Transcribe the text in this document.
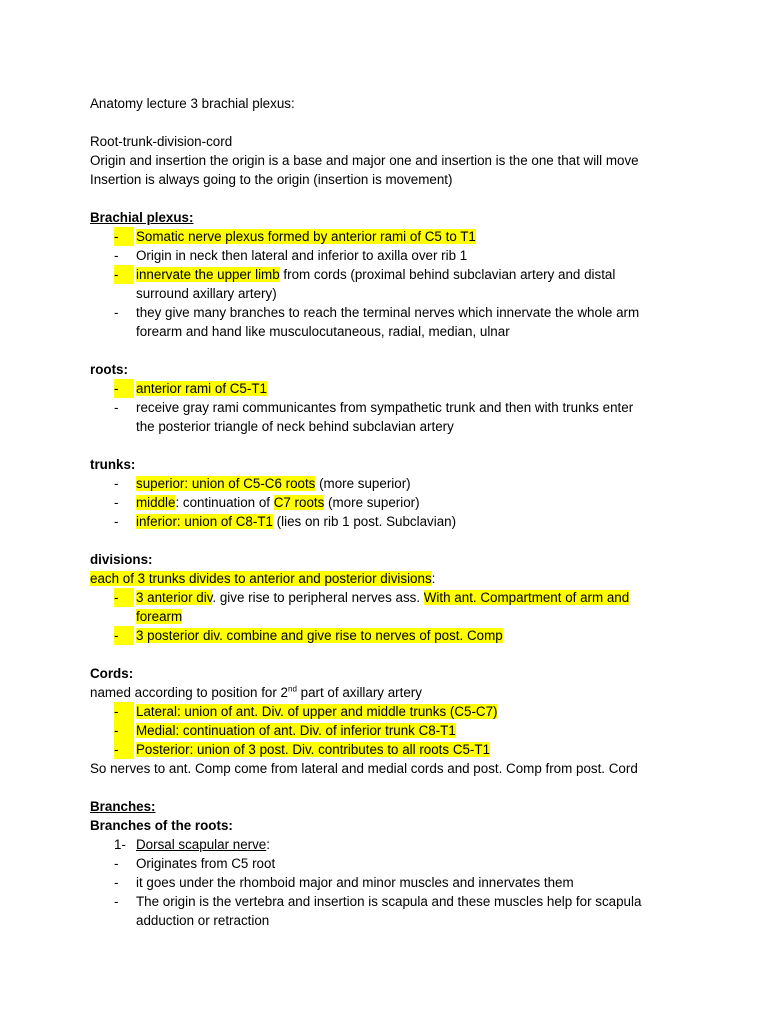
Anatomy lecture 3 brachial plexus:
Root-trunk-division-cord
Origin and insertion the origin is a base and major one and insertion is the one that will move
Insertion is always going to the origin (insertion is movement)
Brachial plexus:
-	Somatic nerve plexus formed by anterior rami of C5 to T1
-	Origin in neck then lateral and inferior to axilla over rib 1
-	innervate the upper limb from cords (proximal behind subclavian artery and distal
surround axillary artery)
-	they give many branches to reach the terminal nerves which innervate the whole arm
forearm and hand like musculocutaneous, radial, median, ulnar
roots:
-	anterior rami of C5-T1
-	receive gray rami communicantes from sympathetic trunk and then with trunks enter
the posterior triangle of neck behind subclavian artery
trunks:
-	superior: union of C5-C6 roots (more superior)
-	middle: continuation of C7 roots (more superior)
-	inferior: union of C8-T1 (lies on rib 1 post. Subclavian)
divisions:
each of 3 trunks divides to anterior and posterior divisions:
-	3 anterior div. give rise to peripheral nerves ass. With ant. Compartment of arm and
forearm
-	3 posterior div. combine and give rise to nerves of post. Comp
Cords:
named according to position for 2nd part of axillary artery
-	Lateral: union of ant. Div. of upper and middle trunks (C5-C7)
-	Medial: continuation of ant. Div. of inferior trunk C8-T1
-	Posterior: union of 3 post. Div. contributes to all roots C5-T1
So nerves to ant. Comp come from lateral and medial cords and post. Comp from post. Cord
Branches:
Branches of the roots:
1- Dorsal scapular nerve:
-	Originates from C5 root
-	it goes under the rhomboid major and minor muscles and innervates them
-	The origin is the vertebra and insertion is scapula and these muscles help for scapula
adduction or retraction
